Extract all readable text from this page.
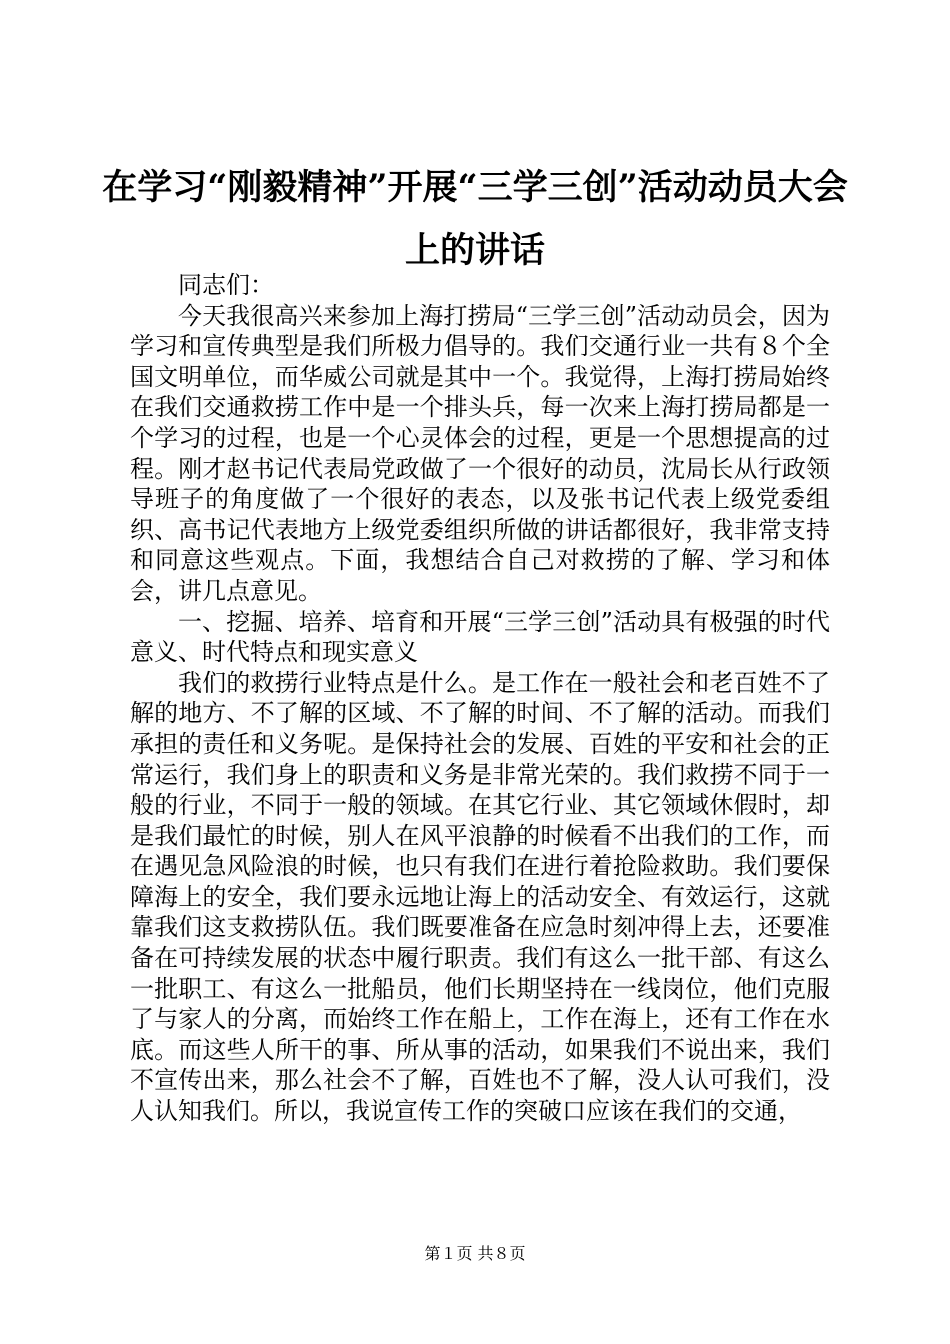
在学习“刚毅精神”开展“三学三创”活动动员大会上的讲话

同志们：

今天我很高兴来参加上海打捞局“三学三创”活动动员会，因为学习和宣传典型是我们所极力倡导的。我们交通行业一共有８个全国文明单位，而华威公司就是其中一个。我觉得，上海打捞局始终在我们交通救捞工作中是一个排头兵，每一次来上海打捞局都是一个学习的过程，也是一个心灵体会的过程，更是一个思想提高的过程。刚才赵书记代表局党政做了一个很好的动员，沈局长从行政领导班子的角度做了一个很好的表态，以及张书记代表上级党委组织、高书记代表地方上级党委组织所做的讲话都很好，我非常支持和同意这些观点。下面，我想结合自己对救捞的了解、学习和体会，讲几点意见。

一、挖掘、培养、培育和开展“三学三创”活动具有极强的时代意义、时代特点和现实意义

我们的救捞行业特点是什么。是工作在一般社会和老百姓不了解的地方、不了解的区域、不了解的时间、不了解的活动。而我们承担的责任和义务呢。是保持社会的发展、百姓的平安和社会的正常运行，我们身上的职责和义务是非常光荣的。我们救捞不同于一般的行业，不同于一般的领域。在其它行业、其它领域休假时，却是我们最忙的时候，别人在风平浪静的时候看不出我们的工作，而在遇见急风险浪的时候，也只有我们在进行着抢险救助。我们要保障海上的安全，我们要永远地让海上的活动安全、有效运行，这就靠我们这支救捞队伍。我们既要准备在应急时刻冲得上去，还要准备在可持续发展的状态中履行职责。我们有这么一批干部、有这么一批职工、有这么一批船员，他们长期坚持在一线岗位，他们克服了与家人的分离，而始终工作在船上，工作在海上，还有工作在水底。而这些人所干的事、所从事的活动，如果我们不说出来，我们不宣传出来，那么社会不了解，百姓也不了解，没人认可我们，没人认知我们。所以，我说宣传工作的突破口应该在我们的交通，

第１页 共８页
